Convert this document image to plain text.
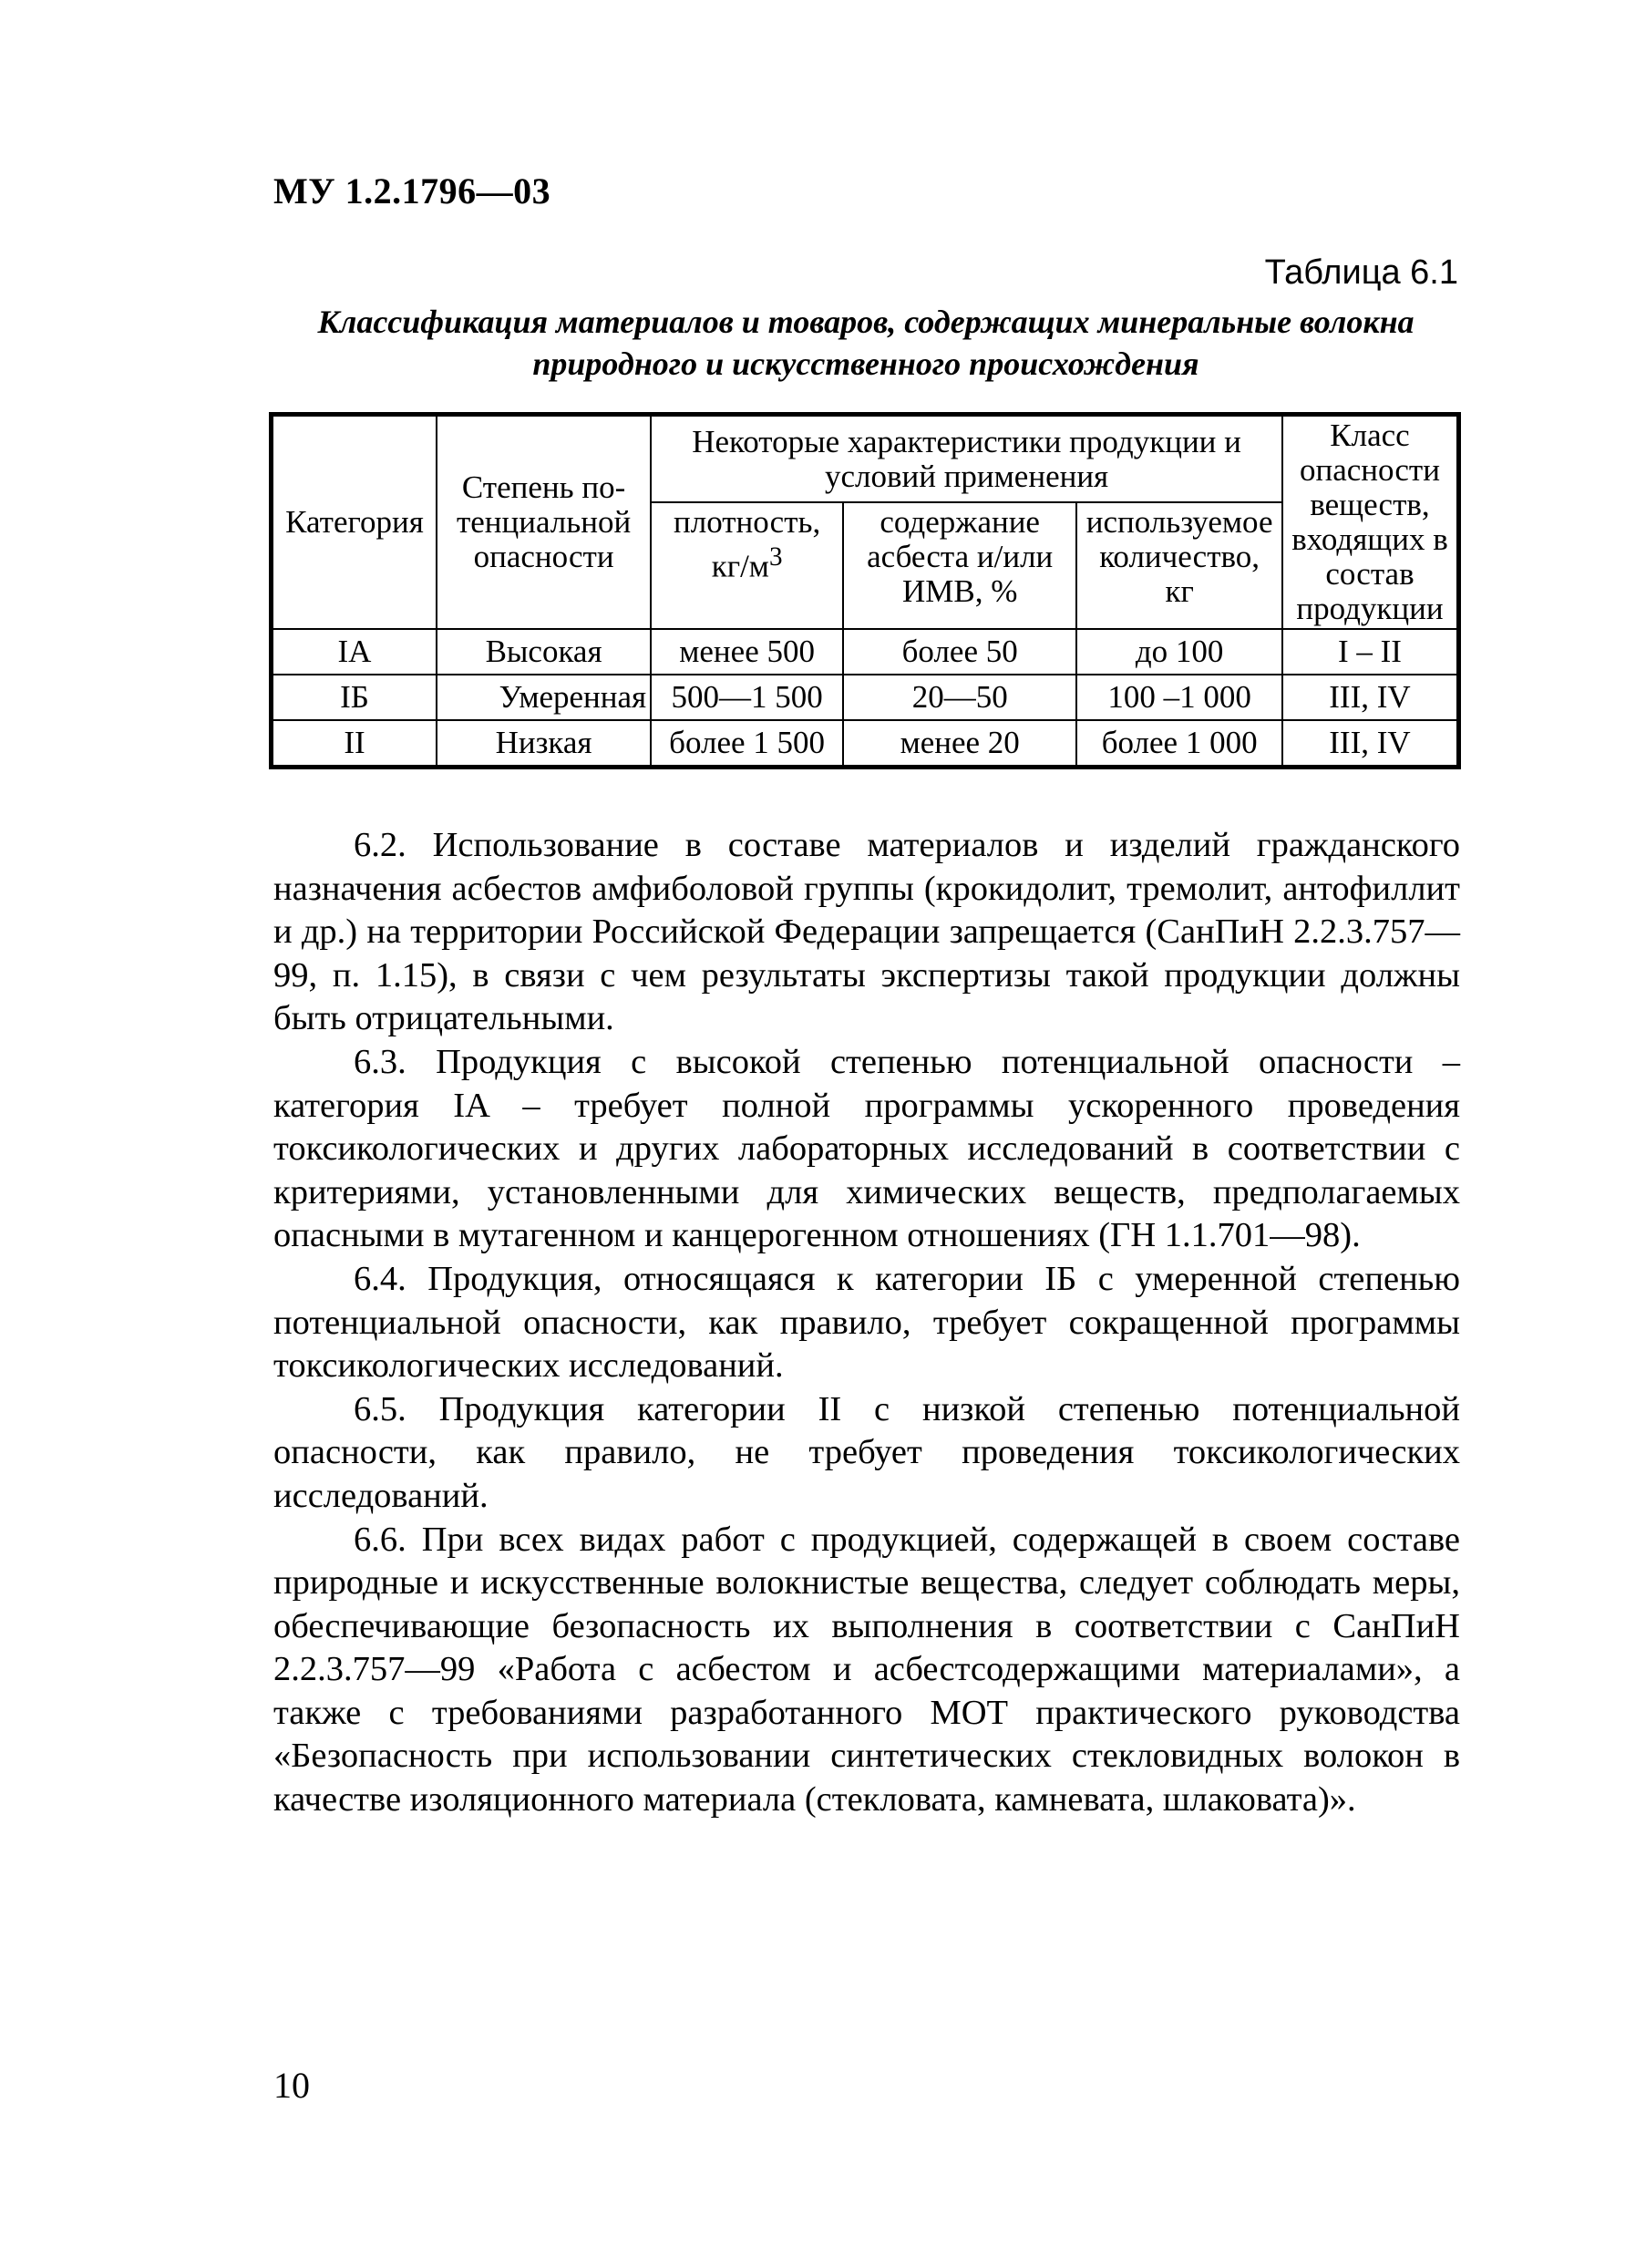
МУ 1.2.1796—03
Таблица 6.1
Классификация материалов и товаров, содержащих минеральные волокна
природного и искусственного происхождения
Категория	Степень по-тенциальной опасности	Некоторые характеристики продукции и условий применения			Класс опасности веществ, входящих в состав продукции
		плотность, $кг/м^3$	содержание асбеста и/или ИМВ, %	используемое количество, кг	
IA	Высокая	менее 500	более 50	до 100	I – II
IБ	Умеренная	500—1 500	20—50	100 –1 000	III, IV
II	Низкая	более 1 500	менее 20	более 1 000	III, IV

6.2. Использование в составе материалов и изделий гражданского назначения асбестов амфиболовой группы (крокидолит, тремолит, антофиллит и др.) на территории Российской Федерации запрещается (СанПиН 2.2.3.757—99, п. 1.15), в связи с чем результаты экспертизы такой продукции должны быть отрицательными.

6.3. Продукция с высокой степенью потенциальной опасности – категория IA – требует полной программы ускоренного проведения токсикологических и других лабораторных исследований в соответствии с критериями, установленными для химических веществ, предполагаемых опасными в мутагенном и канцерогенном отношениях (ГН 1.1.701—98).

6.4. Продукция, относящаяся к категории IБ с умеренной степенью потенциальной опасности, как правило, требует сокращенной программы токсикологических исследований.

6.5. Продукция категории II с низкой степенью потенциальной опасности, как правило, не требует проведения токсикологических исследований.

6.6. При всех видах работ с продукцией, содержащей в своем составе природные и искусственные волокнистые вещества, следует соблюдать меры, обеспечивающие безопасность их выполнения в соответствии с СанПиН 2.2.3.757—99 «Работа с асбестом и асбестсодержащими материалами», а также с требованиями разработанного МОТ практического руководства «Безопасность при использовании синтетических стекловидных волокон в качестве изоляционного материала (стекловата, камневата, шлаковата)».

10
